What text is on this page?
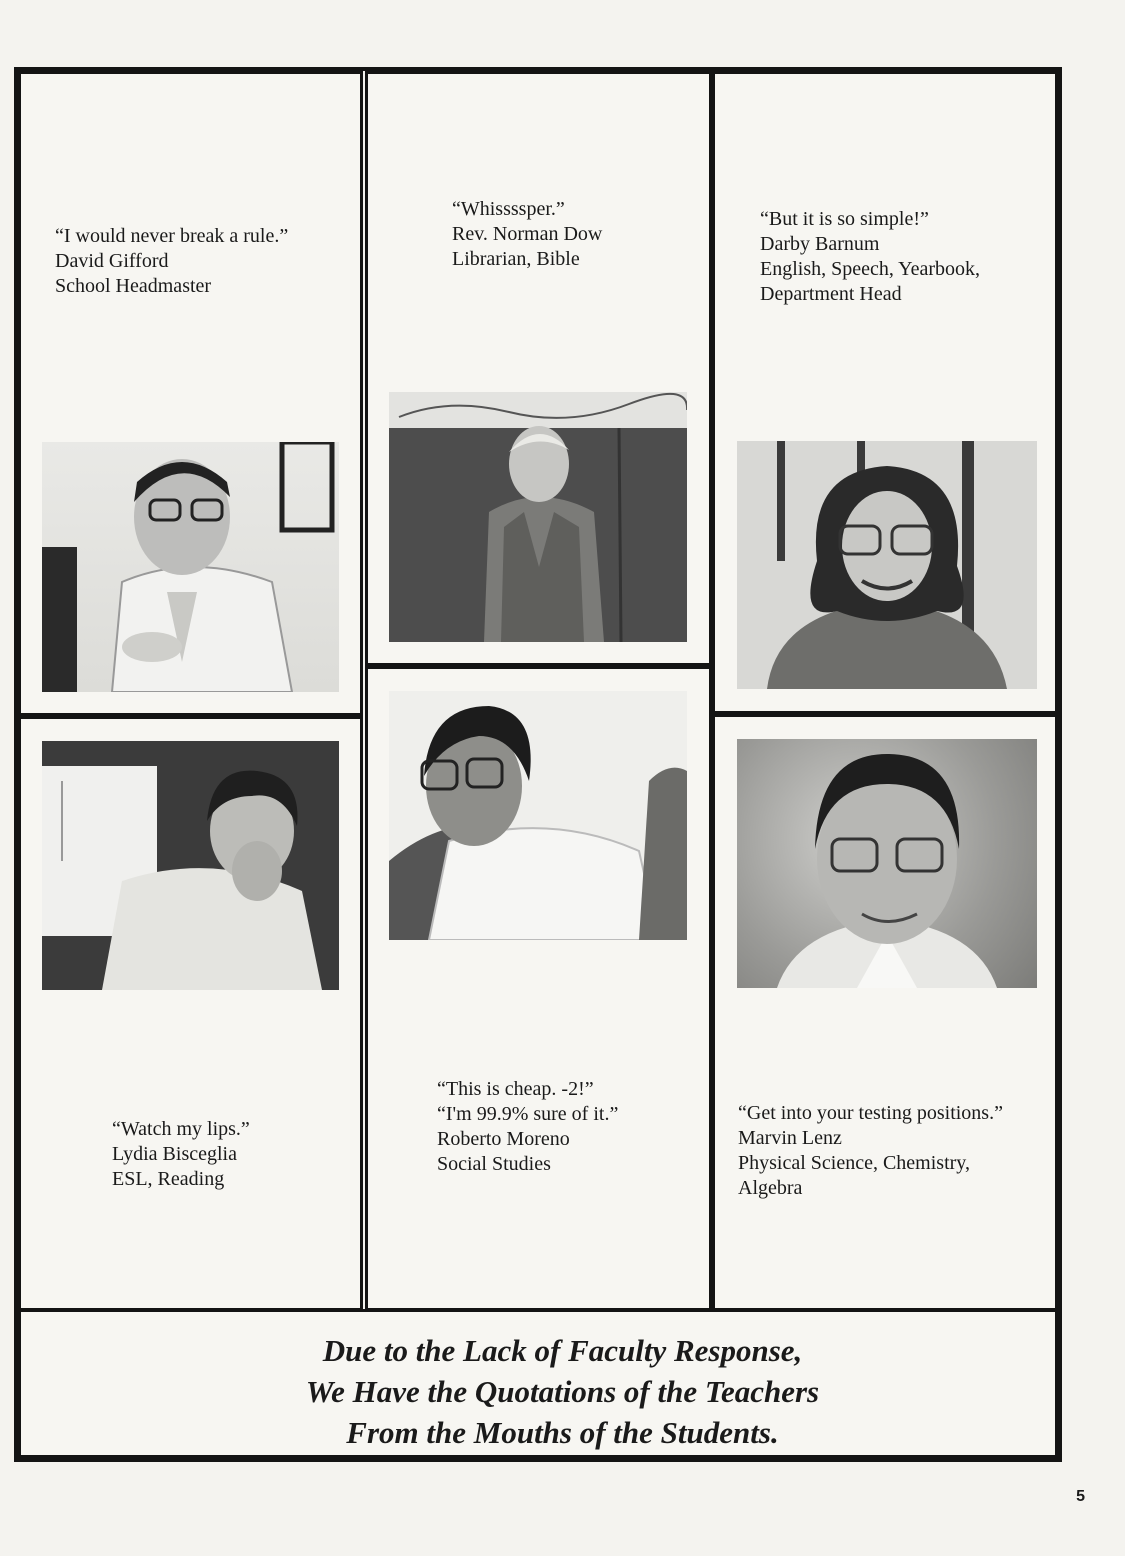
“I would never break a rule.”
David Gifford
School Headmaster
“Whissssper.”
Rev. Norman Dow
Librarian, Bible
“But it is so simple!”
Darby Barnum
English, Speech, Yearbook,
Department Head
“Watch my lips.”
Lydia Bisceglia
ESL, Reading
“This is cheap. -2!”
“I'm 99.9% sure of it.”
Roberto Moreno
Social Studies
“Get into your testing positions.”
Marvin Lenz
Physical Science, Chemistry,
Algebra
Due to the Lack of Faculty Response,
We Have the Quotations of the Teachers
From the Mouths of the Students.
5
